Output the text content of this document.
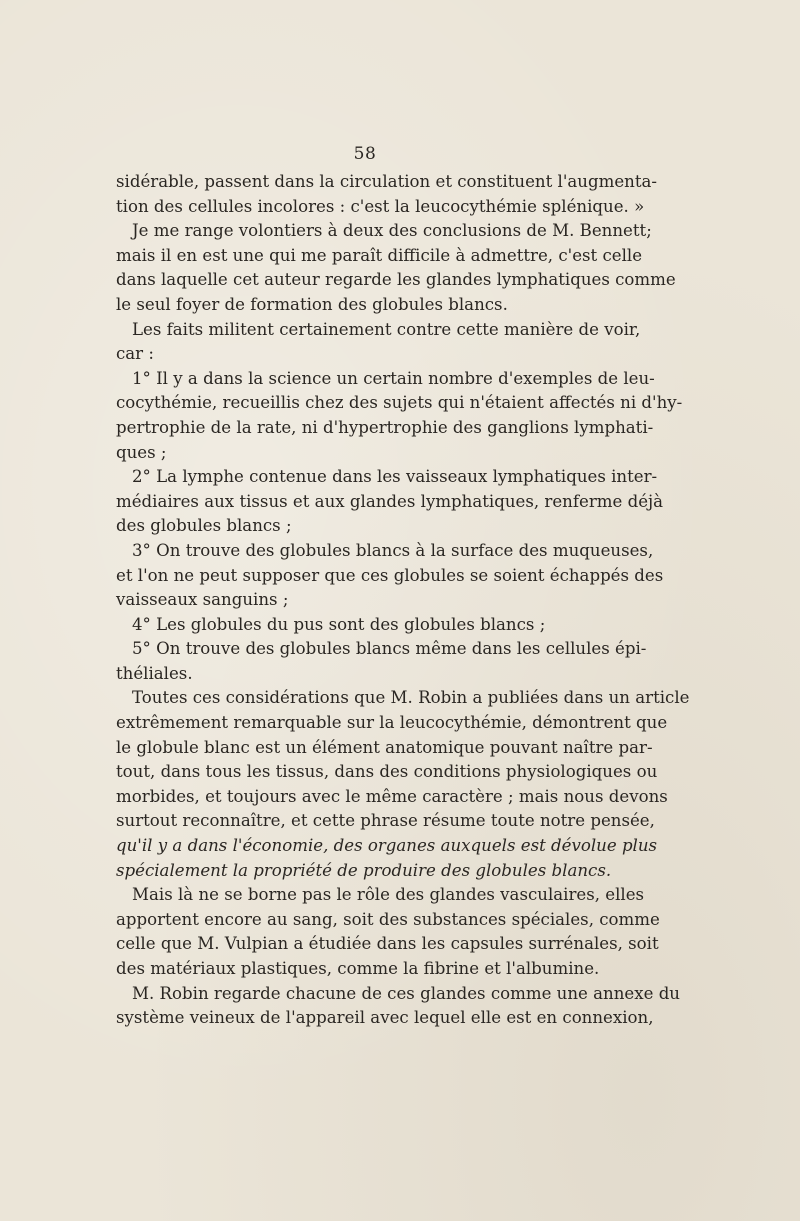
58
sidérable, passent dans la circulation et constituent l'augmenta-
tion des cellules incolores : c'est la leucocythémie splénique. »
Je me range volontiers à deux des conclusions de M. Bennett;
mais il en est une qui me paraît difficile à admettre, c'est celle
dans laquelle cet auteur regarde les glandes lymphatiques comme
le seul foyer de formation des globules blancs.
Les faits militent certainement contre cette manière de voir,
car :
1° Il y a dans la science un certain nombre d'exemples de leu-
cocythémie, recueillis chez des sujets qui n'étaient affectés ni d'hy-
pertrophie de la rate, ni d'hypertrophie des ganglions lymphati-
ques ;
2° La lymphe contenue dans les vaisseaux lymphatiques inter-
médiaires aux tissus et aux glandes lymphatiques, renferme déjà
des globules blancs ;
3° On trouve des globules blancs à la surface des muqueuses,
et l'on ne peut supposer que ces globules se soient échappés des
vaisseaux sanguins ;
4° Les globules du pus sont des globules blancs ;
5° On trouve des globules blancs même dans les cellules épi-
théliales.
Toutes ces considérations que M. Robin a publiées dans un article
extrêmement remarquable sur la leucocythémie, démontrent que
le globule blanc est un élément anatomique pouvant naître par-
tout, dans tous les tissus, dans des conditions physiologiques ou
morbides, et toujours avec le même caractère ; mais nous devons
surtout reconnaître, et cette phrase résume toute notre pensée,
qu'il y a dans l'économie, des organes auxquels est dévolue plus
spécialement la propriété de produire des globules blancs.
Mais là ne se borne pas le rôle des glandes vasculaires, elles
apportent encore au sang, soit des substances spéciales, comme
celle que M. Vulpian a étudiée dans les capsules surrénales, soit
des matériaux plastiques, comme la fibrine et l'albumine.
M. Robin regarde chacune de ces glandes comme une annexe du
système veineux de l'appareil avec lequel elle est en connexion,
